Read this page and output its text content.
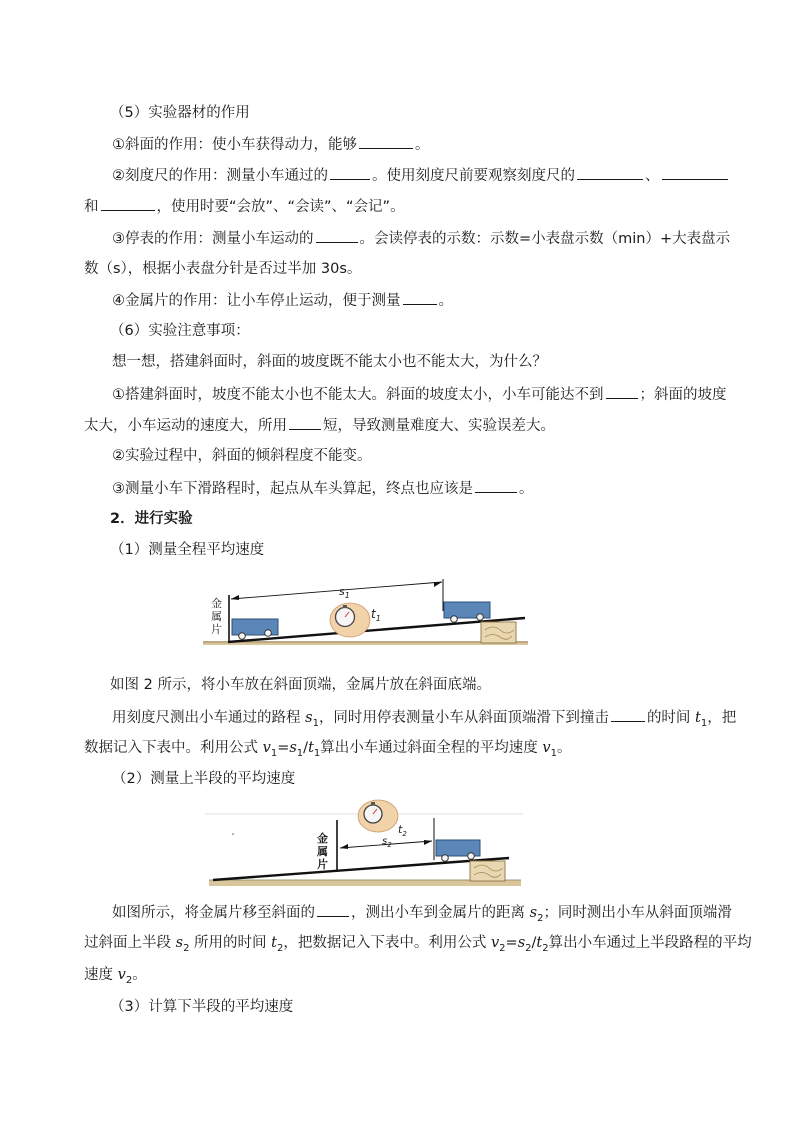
（5）实验器材的作用

①斜面的作用：使小车获得动力，能够	。

②刻度尺的作用：测量小车通过的	。使用刻度尺前要观察刻度尺的	、

和	，使用时要“会放”、“会读”、“会记”。

③停表的作用：测量小车运动的	。会读停表的示数：示数=小表盘示数（min）+大表盘示

数（s），根据小表盘分针是否过半加 30s。

④金属片的作用：让小车停止运动，便于测量	。

（6）实验注意事项：

想一想，搭建斜面时，斜面的坡度既不能太小也不能太大，为什么？

①搭建斜面时，坡度不能太小也不能太大。斜面的坡度太小，小车可能达不到 ；斜面的坡度

太大，小车运动的速度大，所用 短，导致测量难度大、实验误差大。

②实验过程中，斜面的倾斜程度不能变。

③测量小车下滑路程时，起点从车头算起，终点也应该是	。

2．进行实验

（1）测量全程平均速度

金
属
片
$s_1$
$t_1$

如图 2 所示，将小车放在斜面顶端，金属片放在斜面底端。

用刻度尺测出小车通过的路程 $s_1$，同时用停表测量小车从斜面顶端滑下到撞击	的时间 $t_1$，把

数据记入下表中。利用公式 $v_1=s_1/t_1$算出小车通过斜面全程的平均速度 $v_1$。

（2）测量上半段的平均速度

金
属
片
$s_2$
$t_2$

如图所示，将金属片移至斜面的 ，测出小车到金属片的距离 $s_2$；同时测出小车从斜面顶端滑

过斜面上半段 $s_2$ 所用的时间 $t_2$，把数据记入下表中。利用公式 $v_2=s_2/t_2$算出小车通过上半段路程的平均

速度 $v_2$。

（3）计算下半段的平均速度
